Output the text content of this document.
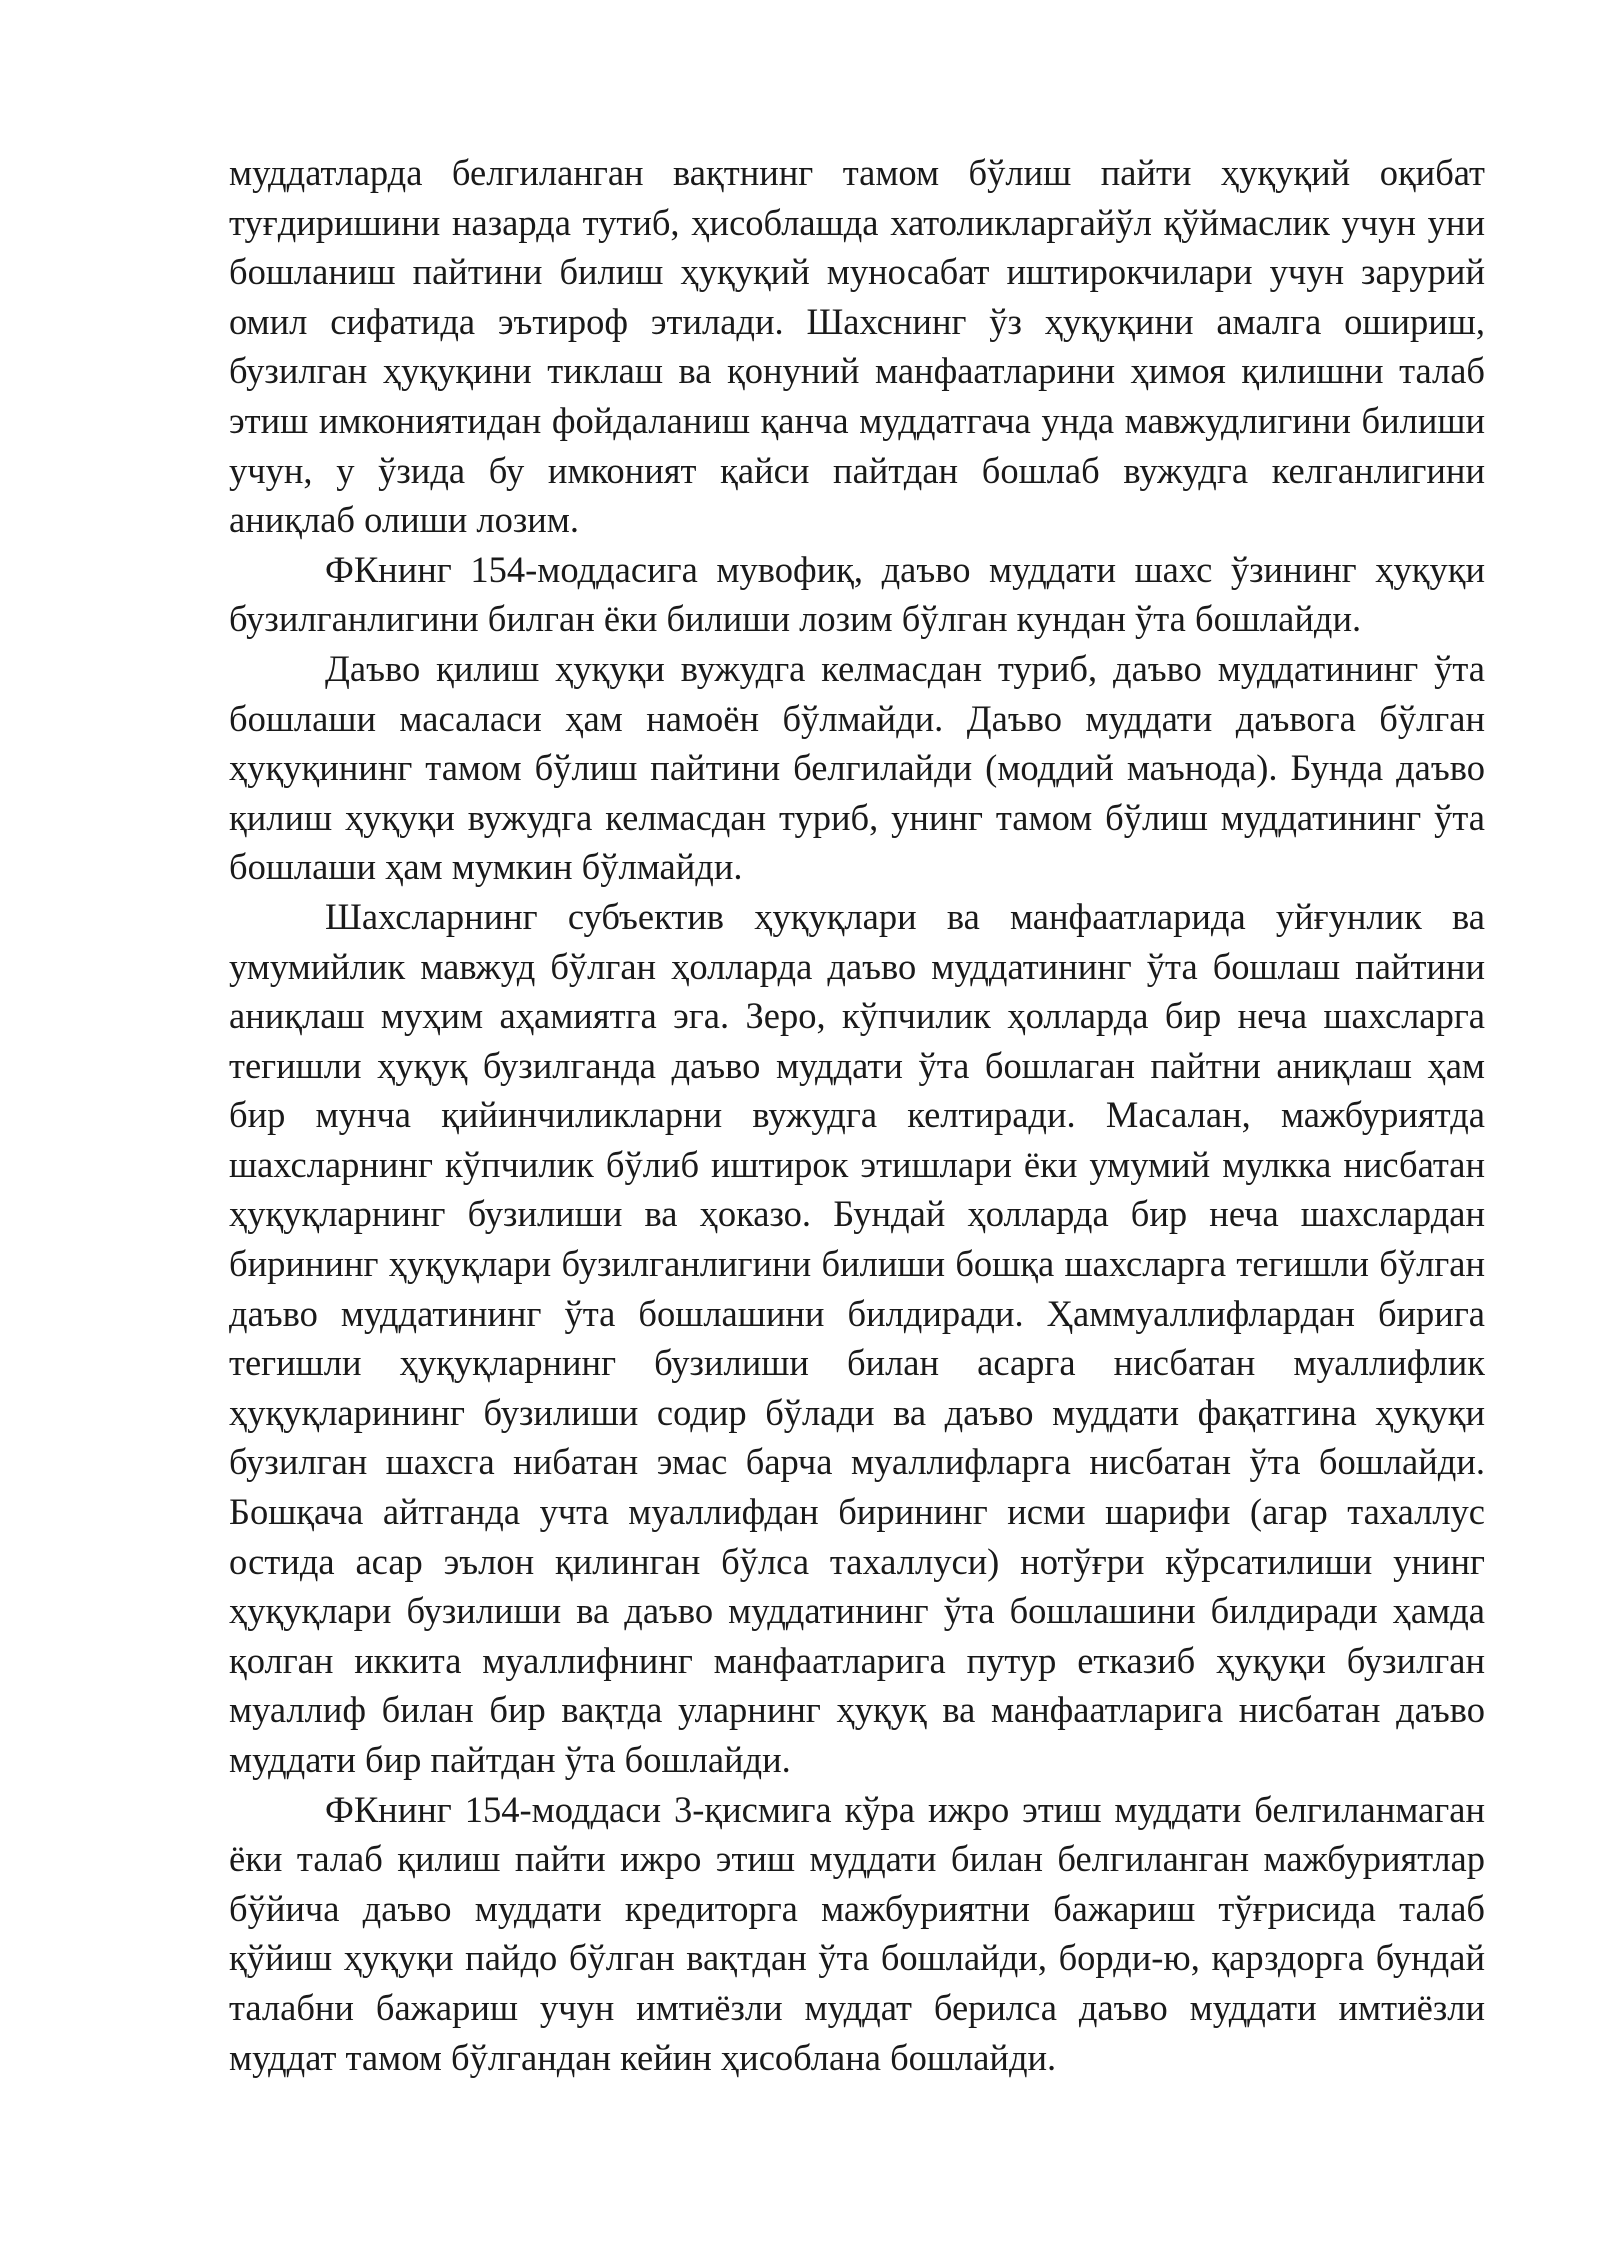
муддатларда белгиланган вақтнинг тамом бўлиш пайти ҳуқуқий оқибат туғдиришини назарда тутиб, ҳисоблашда хатоликларгайўл қўймаслик учун уни бошланиш пайтини билиш ҳуқуқий муносабат иштирокчилари учун зарурий омил сифатида эътироф этилади. Шахснинг ўз ҳуқуқини амалга ошириш, бузилган ҳуқуқини тиклаш ва қонуний манфаатларини ҳимоя қилишни талаб этиш имкониятидан фойдаланиш қанча муддатгача унда мавжудлигини билиши учун, у ўзида бу имконият қайси пайтдан бошлаб вужудга келганлигини аниқлаб олиши лозим.

ФКнинг 154-моддасига мувофиқ, даъво муддати шахс ўзининг ҳуқуқи бузилганлигини билган ёки билиши лозим бўлган кундан ўта бошлайди.

Даъво қилиш ҳуқуқи вужудга келмасдан туриб, даъво муддатининг ўта бошлаши масаласи ҳам намоён бўлмайди. Даъво муддати даъвога бўлган ҳуқуқининг тамом бўлиш пайтини белгилайди (моддий маънода). Бунда даъво қилиш ҳуқуқи вужудга келмасдан туриб, унинг тамом бўлиш муддатининг ўта бошлаши ҳам мумкин бўлмайди.

Шахсларнинг субъектив ҳуқуқлари ва манфаатларида уйғунлик ва умумийлик мавжуд бўлган ҳолларда даъво муддатининг ўта бошлаш пайтини аниқлаш муҳим аҳамиятга эга. Зеро, кўпчилик ҳолларда бир неча шахсларга тегишли ҳуқуқ бузилганда даъво муддати ўта бошлаган пайтни аниқлаш ҳам бир мунча қийинчиликларни вужудга келтиради. Масалан, мажбуриятда шахсларнинг кўпчилик бўлиб иштирок этишлари ёки умумий мулкка нисбатан ҳуқуқларнинг бузилиши ва ҳоказо. Бундай ҳолларда бир неча шахслардан бирининг ҳуқуқлари бузилганлигини билиши бошқа шахсларга тегишли бўлган даъво муддатининг ўта бошлашини билдиради. Ҳаммуаллифлардан бирига тегишли ҳуқуқларнинг бузилиши билан асарга нисбатан муаллифлик ҳуқуқларининг бузилиши содир бўлади ва даъво муддати фақатгина ҳуқуқи бузилган шахсга нибатан эмас барча муаллифларга нисбатан ўта бошлайди. Бошқача айтганда учта муаллифдан бирининг исми шарифи (агар тахаллус остида асар эълон қилинган бўлса тахаллуси) нотўғри кўрсатилиши унинг ҳуқуқлари бузилиши ва даъво муддатининг ўта бошлашини билдиради ҳамда қолган иккита муаллифнинг манфаатларига путур етказиб ҳуқуқи бузилган муаллиф билан бир вақтда уларнинг ҳуқуқ ва манфаатларига нисбатан даъво муддати бир пайтдан ўта бошлайди.

ФКнинг 154-моддаси 3-қисмига кўра ижро этиш муддати белгиланмаган ёки талаб қилиш пайти ижро этиш муддати билан белгиланган мажбуриятлар бўйича даъво муддати кредиторга мажбуриятни бажариш тўғрисида талаб қўйиш ҳуқуқи пайдо бўлган вақтдан ўта бошлайди, борди-ю, қарздорга бундай талабни бажариш учун имтиёзли муддат берилса даъво муддати имтиёзли муддат тамом бўлгандан кейин ҳисоблана бошлайди.
